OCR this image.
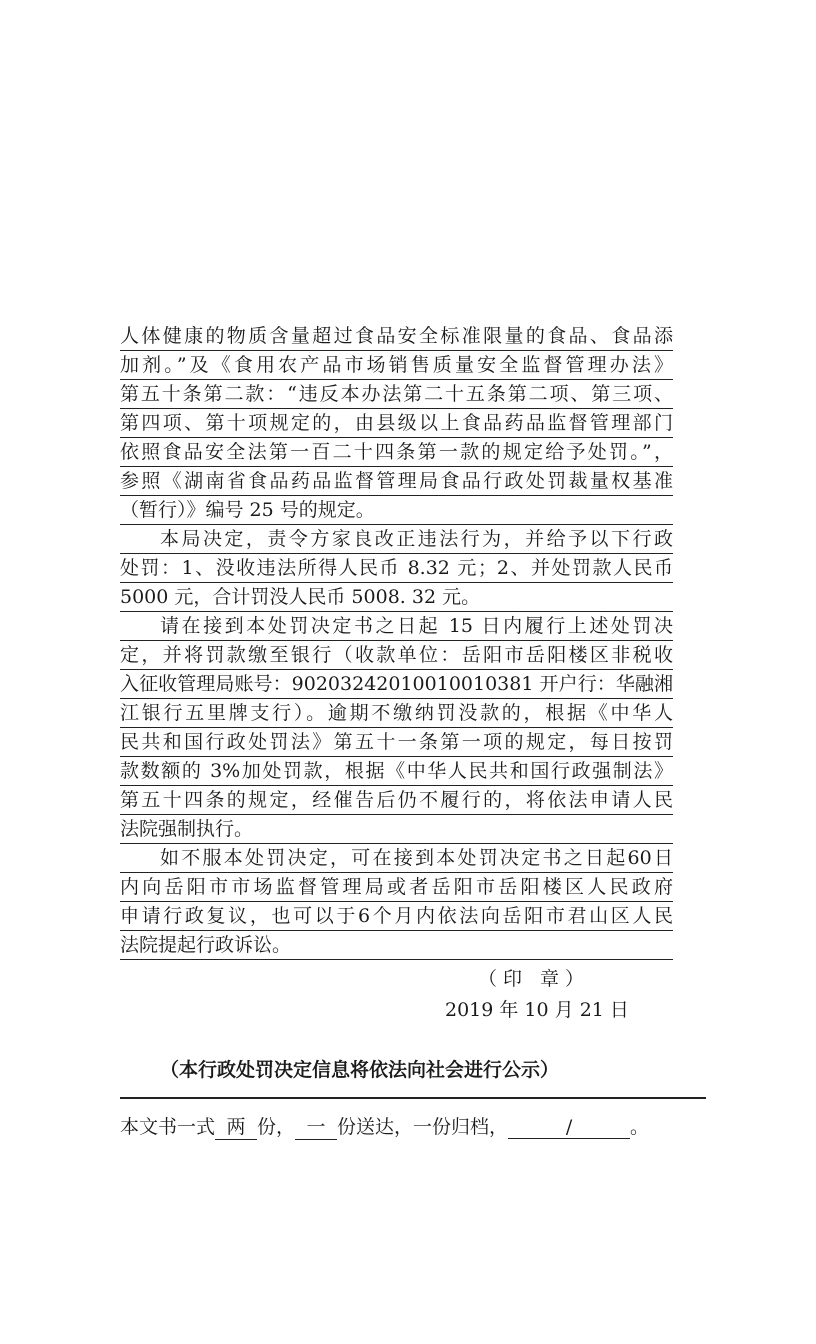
人体健康的物质含量超过食品安全标准限量的食品、食品添
加剂。”及《食用农产品市场销售质量安全监督管理办法》
第五十条第二款：“违反本办法第二十五条第二项、第三项、
第四项、第十项规定的，由县级以上食品药品监督管理部门
依照食品安全法第一百二十四条第一款的规定给予处罚。”，
参照《湖南省食品药品监督管理局食品行政处罚裁量权基准
（暂行）》编号 25 号的规定。
本局决定，责令方家良改正违法行为，并给予以下行政
处罚：1、没收违法所得人民币 8.32 元；2、并处罚款人民币
5000 元，合计罚没人民币 5008. 32 元。
请在接到本处罚决定书之日起 15 日内履行上述处罚决
定，并将罚款缴至银行（收款单位：岳阳市岳阳楼区非税收
入征收管理局账号：90203242010010010381 开户行：华融湘
江银行五里牌支行）。逾期不缴纳罚没款的，根据《中华人
民共和国行政处罚法》第五十一条第一项的规定，每日按罚
款数额的 3%加处罚款，根据《中华人民共和国行政强制法》
第五十四条的规定，经催告后仍不履行的，将依法申请人民
法院强制执行。
如不服本处罚决定，可在接到本处罚决定书之日起60日
内向岳阳市市场监督管理局或者岳阳市岳阳楼区人民政府
申请行政复议，也可以于6个月内依法向岳阳市君山区人民
法院提起行政诉讼。
（印 章）
2019 年 10 月 21 日
（本行政处罚决定信息将依法向社会进行公示）
本文书一式 两 份， 一 份送达，一份归档，	/	。
